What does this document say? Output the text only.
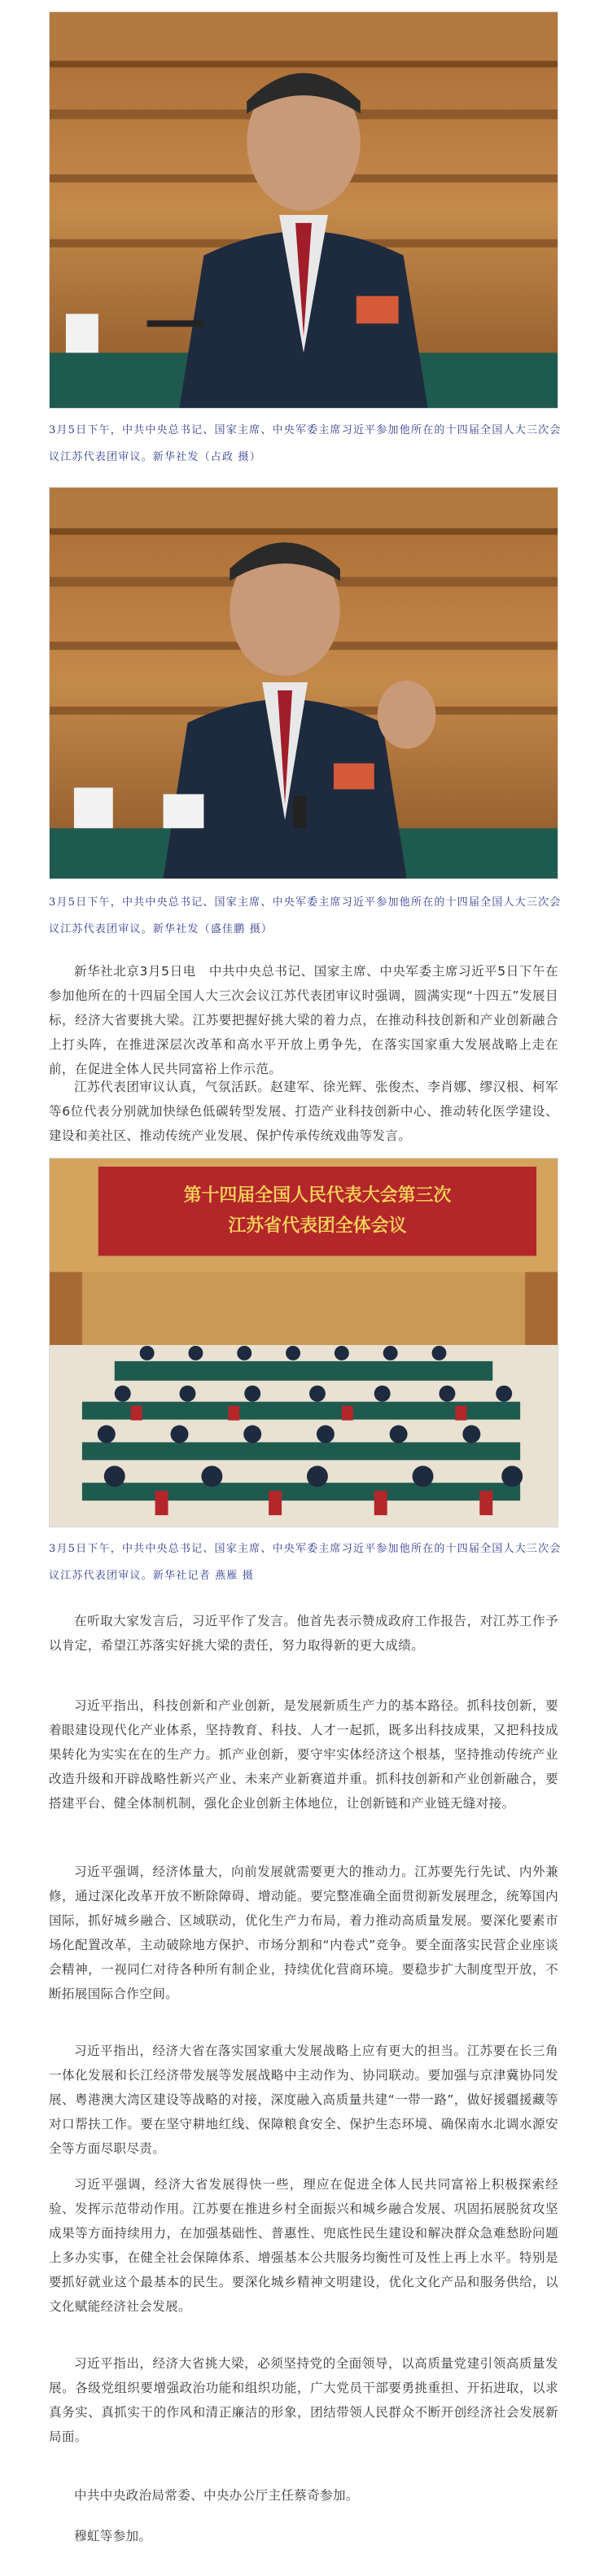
3月5日下午，中共中央总书记、国家主席、中央军委主席习近平参加他所在的十四届全国人大三次会议江苏代表团审议。新华社发（占政 摄）
3月5日下午，中共中央总书记、国家主席、中央军委主席习近平参加他所在的十四届全国人大三次会议江苏代表团审议。新华社发（盛佳鹏 摄）

新华社北京3月5日电　中共中央总书记、国家主席、中央军委主席习近平5日下午在参加他所在的十四届全国人大三次会议江苏代表团审议时强调，圆满实现“十四五”发展目标，经济大省要挑大梁。江苏要把握好挑大梁的着力点，在推动科技创新和产业创新融合上打头阵，在推进深层次改革和高水平开放上勇争先，在落实国家重大发展战略上走在前，在促进全体人民共同富裕上作示范。

江苏代表团审议认真，气氛活跃。赵建军、徐光辉、张俊杰、李肖娜、缪汉根、柯军等6位代表分别就加快绿色低碳转型发展、打造产业科技创新中心、推动转化医学建设、建设和美社区、推动传统产业发展、保护传承传统戏曲等发言。

第十四届全国人民代表大会第三次
江苏省代表团全体会议
3月5日下午，中共中央总书记、国家主席、中央军委主席习近平参加他所在的十四届全国人大三次会议江苏代表团审议。新华社记者 燕雁 摄

在听取大家发言后，习近平作了发言。他首先表示赞成政府工作报告，对江苏工作予以肯定，希望江苏落实好挑大梁的责任，努力取得新的更大成绩。

习近平指出，科技创新和产业创新，是发展新质生产力的基本路径。抓科技创新，要着眼建设现代化产业体系，坚持教育、科技、人才一起抓，既多出科技成果，又把科技成果转化为实实在在的生产力。抓产业创新，要守牢实体经济这个根基，坚持推动传统产业改造升级和开辟战略性新兴产业、未来产业新赛道并重。抓科技创新和产业创新融合，要搭建平台、健全体制机制，强化企业创新主体地位，让创新链和产业链无缝对接。

习近平强调，经济体量大，向前发展就需要更大的推动力。江苏要先行先试、内外兼修，通过深化改革开放不断除障碍、增动能。要完整准确全面贯彻新发展理念，统筹国内国际，抓好城乡融合、区域联动，优化生产力布局，着力推动高质量发展。要深化要素市场化配置改革，主动破除地方保护、市场分割和“内卷式”竞争。要全面落实民营企业座谈会精神，一视同仁对待各种所有制企业，持续优化营商环境。要稳步扩大制度型开放，不断拓展国际合作空间。

习近平指出，经济大省在落实国家重大发展战略上应有更大的担当。江苏要在长三角一体化发展和长江经济带发展等发展战略中主动作为、协同联动。要加强与京津冀协同发展、粤港澳大湾区建设等战略的对接，深度融入高质量共建“一带一路”，做好援疆援藏等对口帮扶工作。要在坚守耕地红线、保障粮食安全、保护生态环境、确保南水北调水源安全等方面尽职尽责。

习近平强调，经济大省发展得快一些，理应在促进全体人民共同富裕上积极探索经验、发挥示范带动作用。江苏要在推进乡村全面振兴和城乡融合发展、巩固拓展脱贫攻坚成果等方面持续用力，在加强基础性、普惠性、兜底性民生建设和解决群众急难愁盼问题上多办实事，在健全社会保障体系、增强基本公共服务均衡性可及性上再上水平。特别是要抓好就业这个最基本的民生。要深化城乡精神文明建设，优化文化产品和服务供给，以文化赋能经济社会发展。

习近平指出，经济大省挑大梁，必须坚持党的全面领导，以高质量党建引领高质量发展。各级党组织要增强政治功能和组织功能，广大党员干部要勇挑重担、开拓进取，以求真务实、真抓实干的作风和清正廉洁的形象，团结带领人民群众不断开创经济社会发展新局面。

中共中央政治局常委、中央办公厅主任蔡奇参加。

穆虹等参加。
